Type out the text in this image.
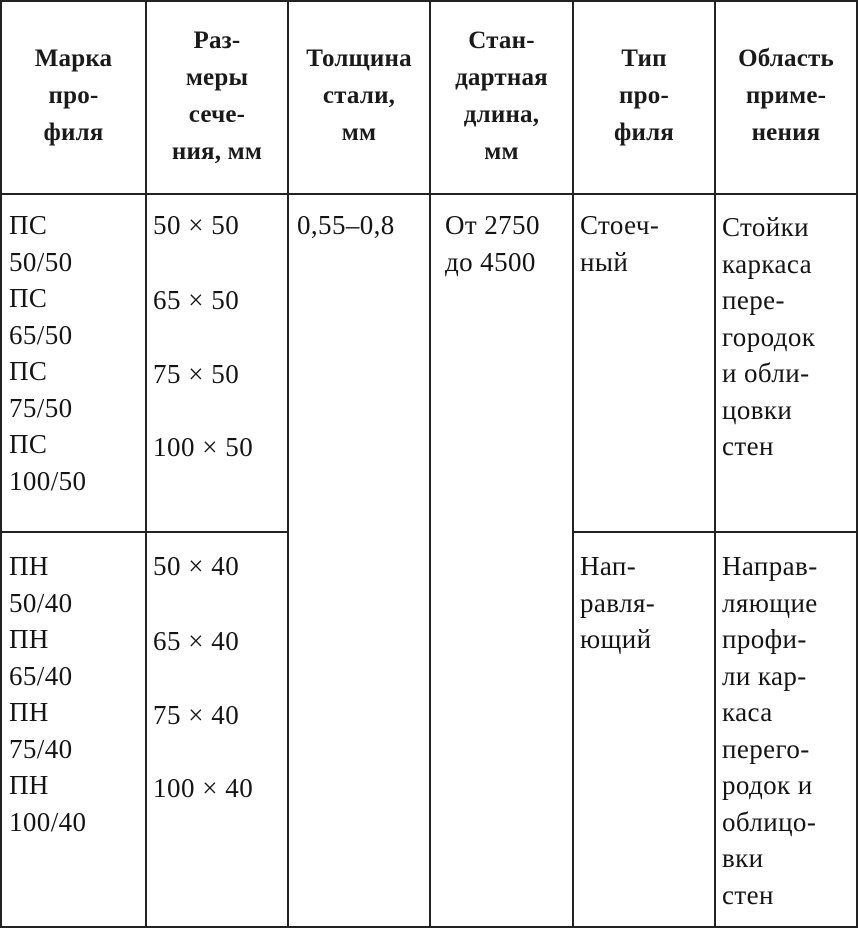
Марка
про-
филя
Раз-
меры
сече-
ния, мм
Толщина
стали,
мм
Стан-
дартная
длина,
мм
Тип
про-
филя
Область
приме-
нения
0,55–0,8 От 2750
до 4500
ПС
50/50
ПС
65/50
ПС
75/50
ПС
100/50
50 × 50
65 × 50
75 × 50
100 × 50
Стоеч-
ный
Стойки
каркаса
пере-
городок
и обли-
цовки
стен
ПН
50/40
ПН
65/40
ПН
75/40
ПН
100/40
50 × 40
65 × 40
75 × 40
100 × 40
Нап-
равля-
ющий
Направ-
ляющие
профи-
ли кар-
каса
перего-
родок и
облицо-
вки
стен
